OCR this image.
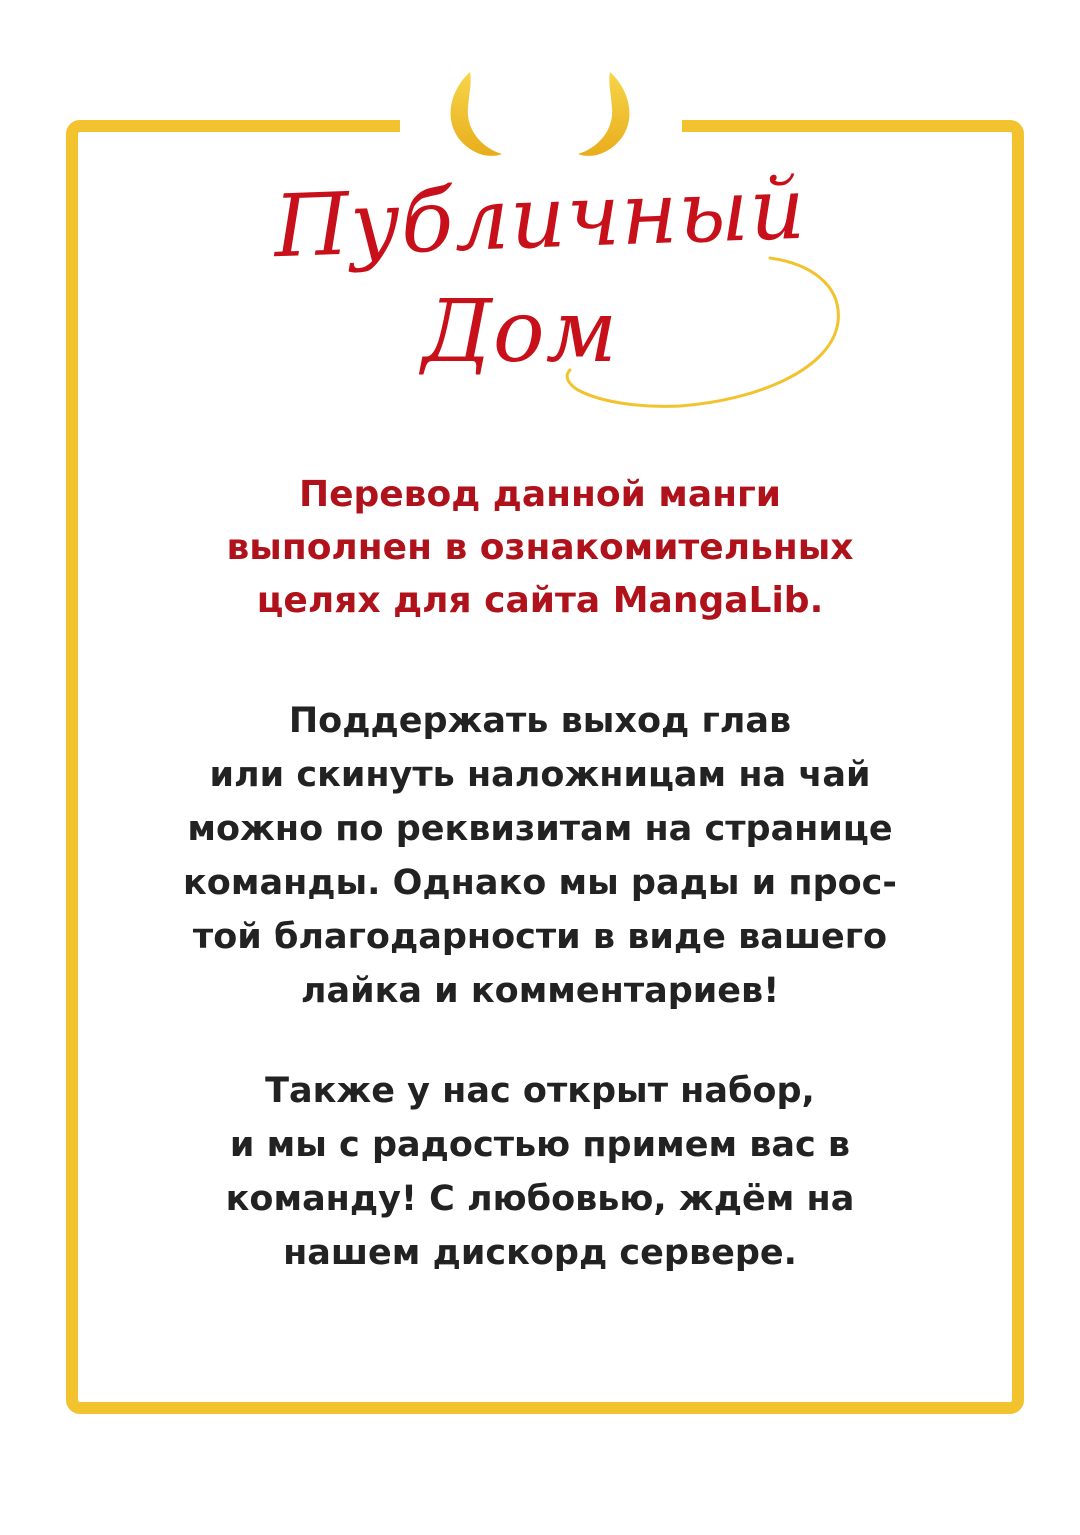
Публичный
Дом
Перевод данной манги
выполнен в ознакомительных
целях для сайта MangaLib.
Поддержать выход глав
или скинуть наложницам на чай
можно по реквизитам на странице
команды. Однако мы рады и прос-
той благодарности в виде вашего
лайка и комментариев!
Также у нас открыт набор,
и мы с радостью примем вас в
команду! С любовью, ждём на
нашем дискорд сервере.
